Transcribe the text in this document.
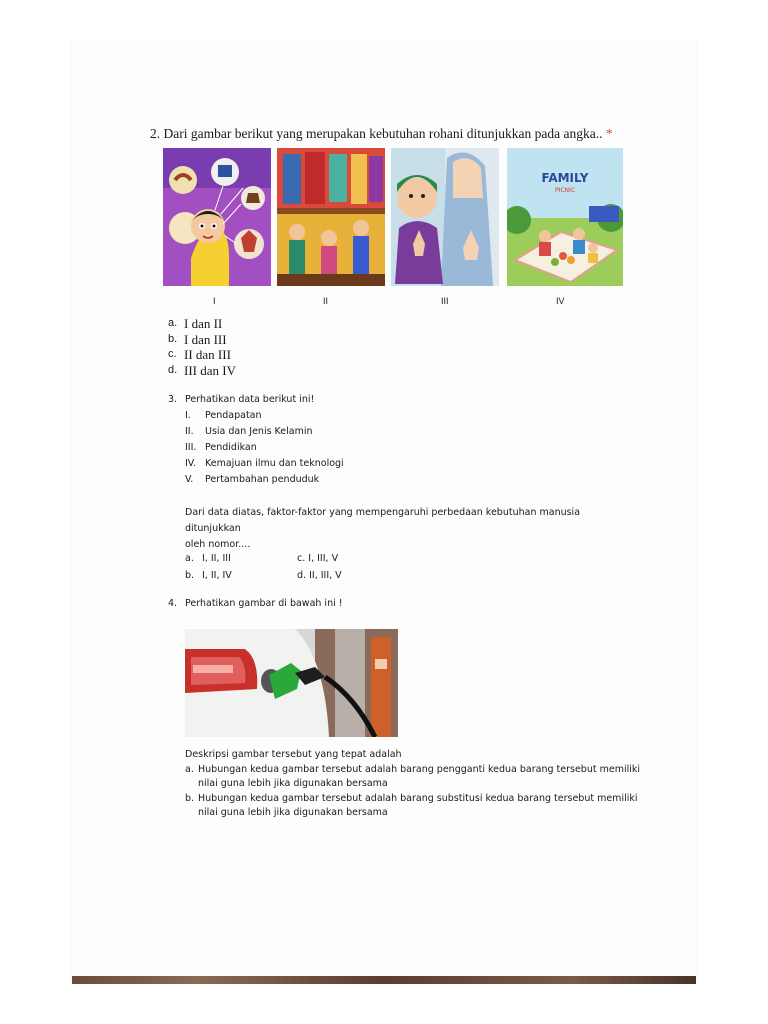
2. Dari gambar berikut yang merupakan kebutuhan rohani ditunjukkan pada angka.. *
FAMILY
PICNIC
I	II	III	IV
a. I dan II
b. I dan III
c. II dan III
d. III dan IV
3. Perhatikan data berikut ini!
I.	Pendapatan
II.	Usia dan Jenis Kelamin
III. Pendidikan
IV. Kemajuan ilmu dan teknologi
V.	Pertambahan penduduk
Dari data diatas, faktor-faktor yang mempengaruhi perbedaan kebutuhan manusia ditunjukkan
oleh nomor....
a. I, II, III	c. I, III, V
b. I, II, IV	d. II, III, V
4. Perhatikan gambar di bawah ini !
Deskripsi gambar tersebut yang tepat adalah
a. Hubungan kedua gambar tersebut adalah barang pengganti kedua barang tersebut memiliki
nilai guna lebih jika digunakan bersama
b. Hubungan kedua gambar tersebut adalah barang substitusi kedua barang tersebut memiliki
nilai guna lebih jika digunakan bersama
